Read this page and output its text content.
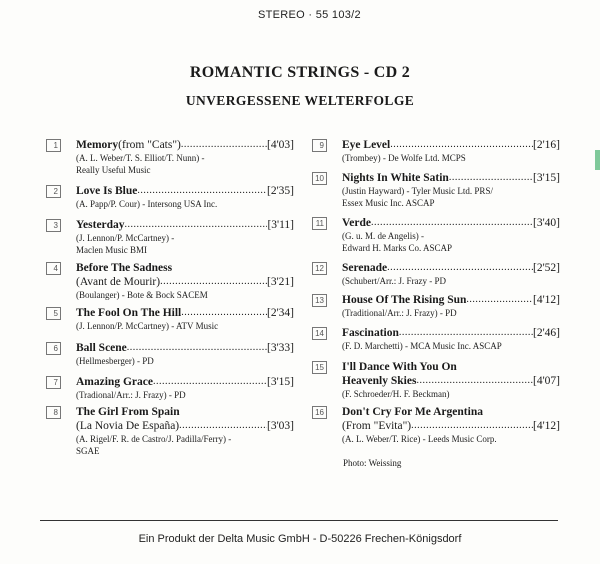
STEREO · 55 103/2
ROMANTIC STRINGS - CD 2
UNVERGESSENE WELTERFOLGE
1 Memory (from "Cats") .....	[4'03]
(A. L. Weber/T. S. Elliot/T. Nunn) -
Really Useful Music
2 Love Is Blue .....	[2'35]
(A. Papp/P. Cour) - Intersong USA Inc.
3 Yesterday .....	[3'11]
(J. Lennon/P. McCartney) -
Maclen Music BMI
4 Before The Sadness
(Avant de Mourir) .....	[3'21]
(Boulanger) - Bote & Bock SACEM
5 The Fool On The Hill .....	[2'34]
(J. Lennon/P. McCartney) - ATV Music
6 Ball Scene .....	[3'33]
(Hellmesberger) - PD
7 Amazing Grace .....	[3'15]
(Tradional/Arr.: J. Frazy) - PD
8 The Girl From Spain
(La Novia De España) .....	[3'03]
(A. Rigel/F. R. de Castro/J. Padilla/Ferry) -
SGAE
9 Eye Level .....	[2'16]
(Trombey) - De Wolfe Ltd. MCPS
10 Nights In White Satin .....	[3'15]
(Justin Hayward) - Tyler Music Ltd. PRS/
Essex Music Inc. ASCAP
11 Verde .....	[3'40]
(G. u. M. de Angelis) -
Edward H. Marks Co. ASCAP
12 Serenade .....	[2'52]
(Schubert/Arr.: J. Frazy - PD
13 House Of The Rising Sun .....	[4'12]
(Traditional/Arr.: J. Frazy) - PD
14 Fascination .....	[2'46]
(F. D. Marchetti) - MCA Music Inc. ASCAP
15 I'll Dance With You On
Heavenly Skies .....	[4'07]
(F. Schroeder/H. F. Beckman)
16 Don't Cry For Me Argentina
(From "Evita") .....	[4'12]
(A. L. Weber/T. Rice) - Leeds Music Corp.
Photo: Weissing
Ein Produkt der Delta Music GmbH - D-50226 Frechen-Königsdorf
